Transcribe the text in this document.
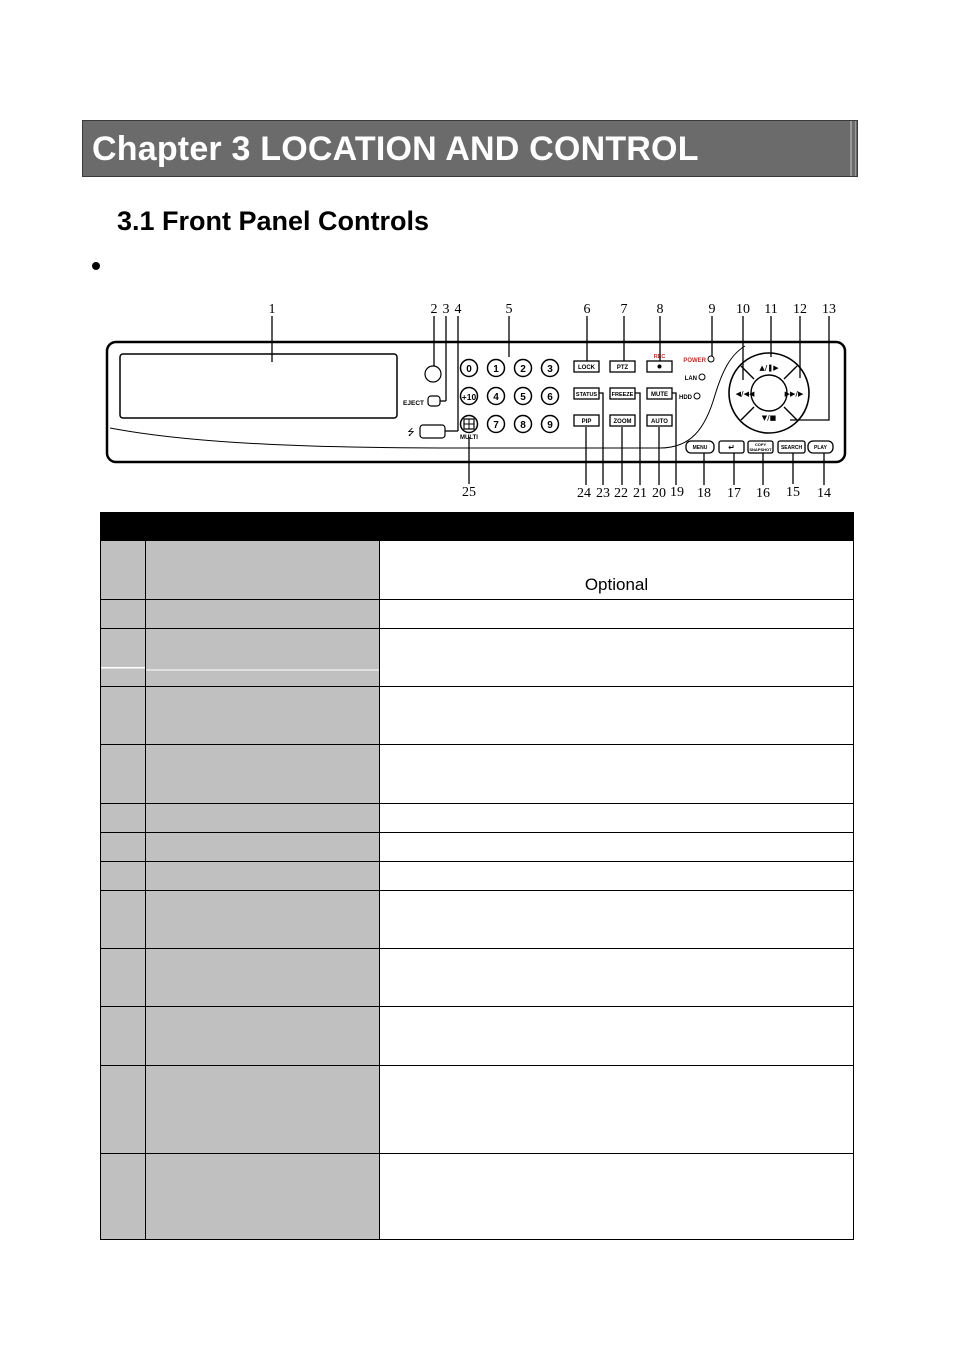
Chapter 3 LOCATION AND CONTROL
3.1 Front Panel Controls
EJECT
⭍
0 1 2 3
+10 4 5 6
7 8 9
MULTI
LOCK	PTZ
REC
STATUS	FREEZE	MUTE
PIP	ZOOM	AUTO
POWER
LAN
HDD
▲/❚▶
▼/■
◀/◀◀	▶▶/▶
MENU	↵	COPY
SNAPSHOT SEARCH PLAY
1	2 3 4	5	6 7 8	9 10 11 12 13
25	24 23 22 21 20 19 18 17 16 15 14

		Optional
